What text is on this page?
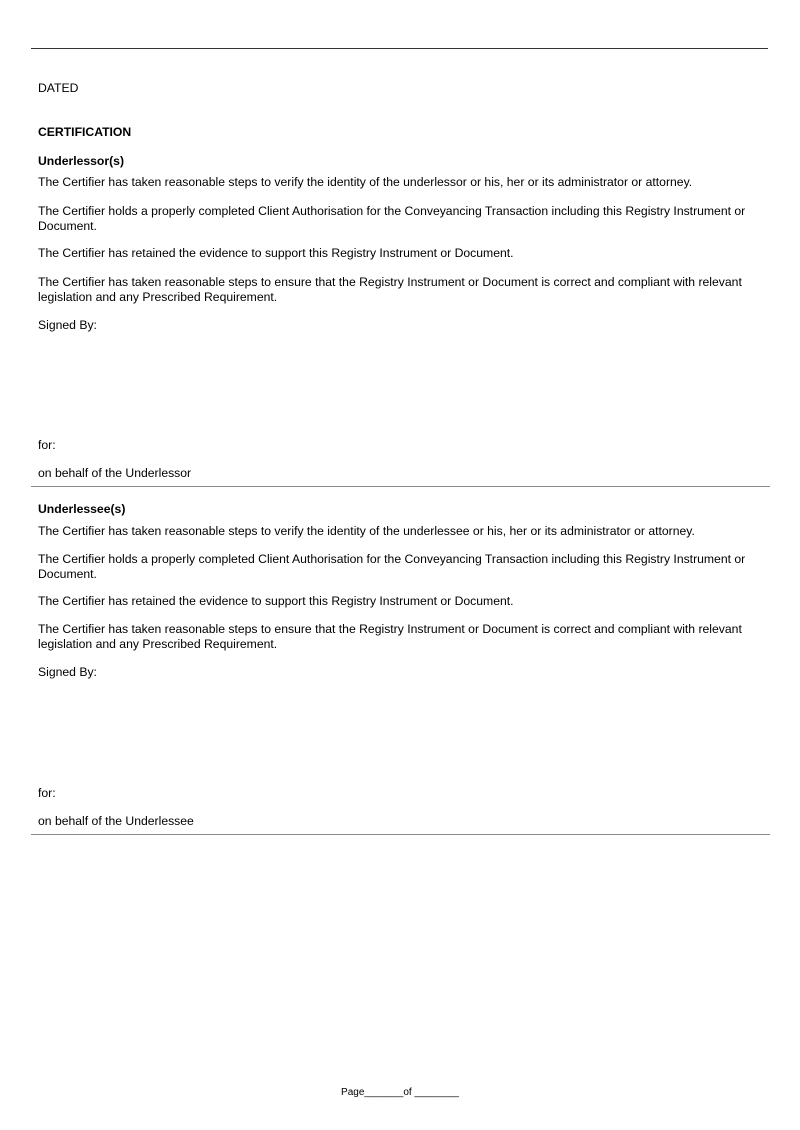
DATED
CERTIFICATION
Underlessor(s)
The Certifier has taken reasonable steps to verify the identity of the underlessor or his, her or its administrator or attorney.
The Certifier holds a properly completed Client Authorisation for the Conveyancing Transaction including this Registry Instrument or Document.
The Certifier has retained the evidence to support this Registry Instrument or Document.
The Certifier has taken reasonable steps to ensure that the Registry Instrument or Document is correct and compliant with relevant legislation and any Prescribed Requirement.
Signed By:
for:
on behalf of the Underlessor
Underlessee(s)
The Certifier has taken reasonable steps to verify the identity of the underlessee or his, her or its administrator or attorney.
The Certifier holds a properly completed Client Authorisation for the Conveyancing Transaction including this Registry Instrument or Document.
The Certifier has retained the evidence to support this Registry Instrument or Document.
The Certifier has taken reasonable steps to ensure that the Registry Instrument or Document is correct and compliant with relevant legislation and any Prescribed Requirement.
Signed By:
for:
on behalf of the Underlessee
Page_______of ________
